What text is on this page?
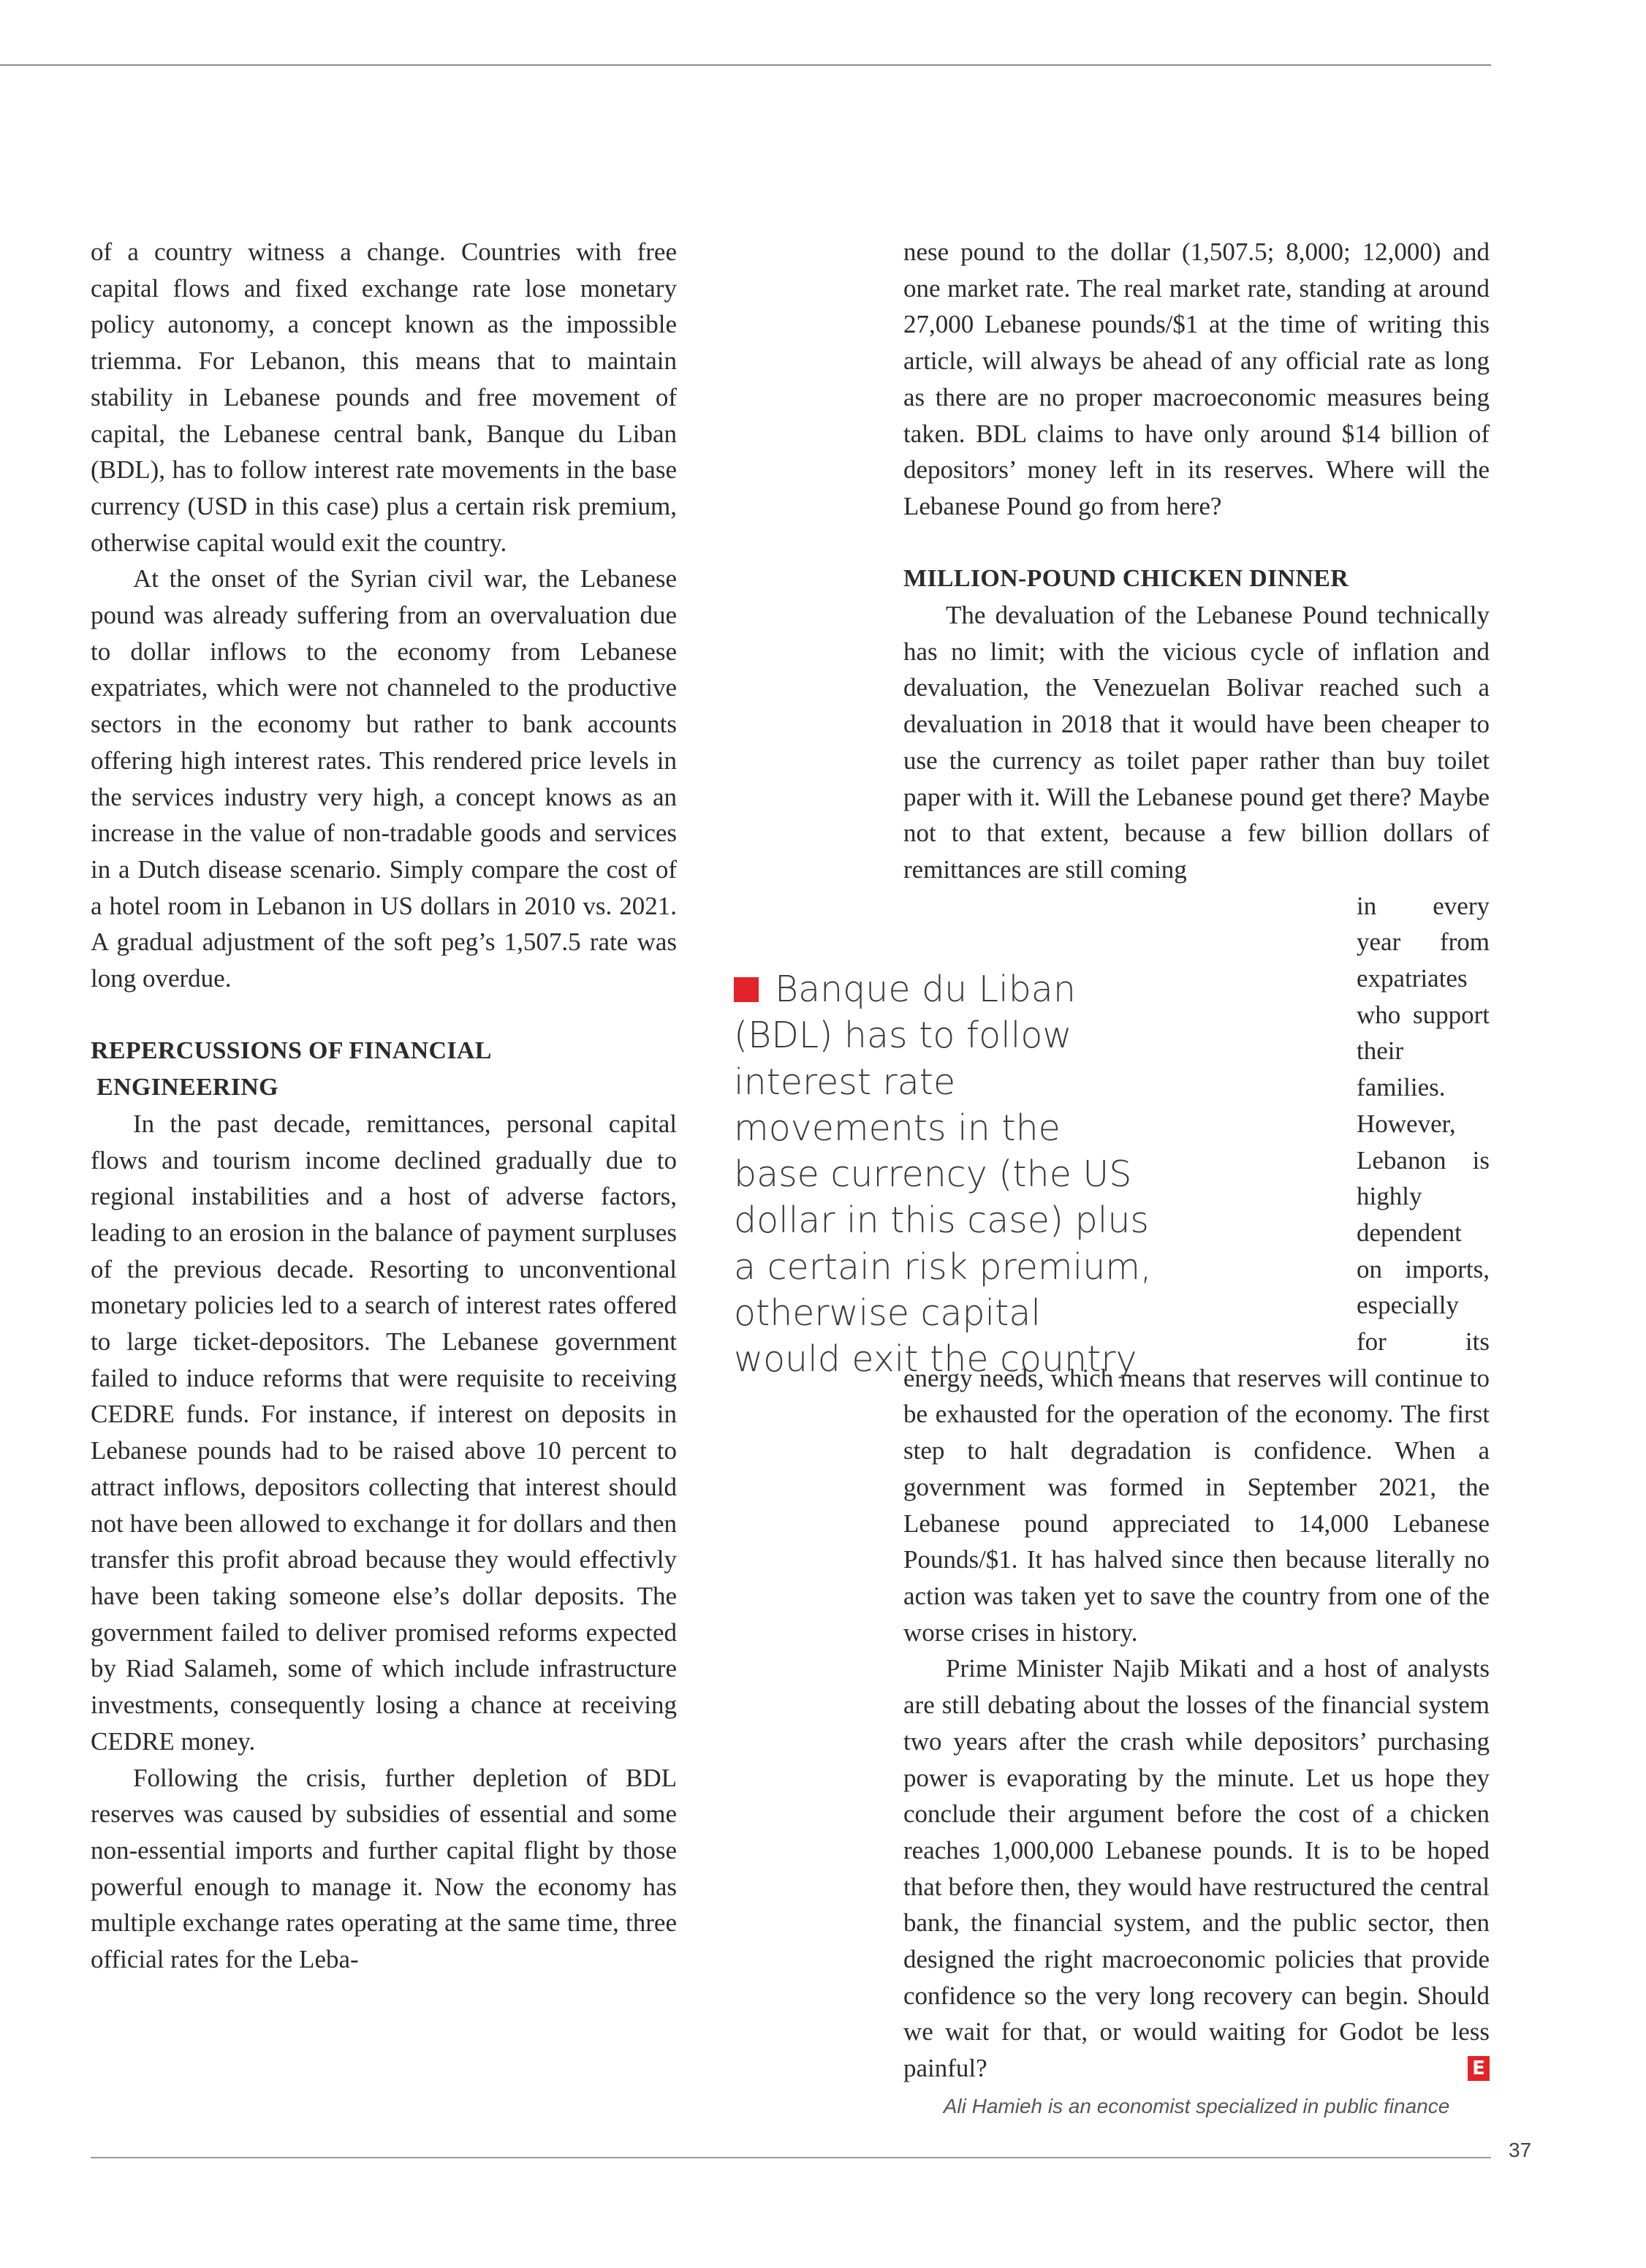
of a country witness a change. Countries with free capital flows and fixed exchange rate lose monetary policy autonomy, a concept known as the impossible triemma. For Lebanon, this means that to maintain stability in Lebanese pounds and free movement of capital, the Lebanese central bank, Banque du Liban (BDL), has to follow interest rate movements in the base currency (USD in this case) plus a certain risk premium, otherwise capital would exit the country.

At the onset of the Syrian civil war, the Lebanese pound was already suffering from an overvaluation due to dollar inflows to the economy from Lebanese expatriates, which were not channeled to the productive sectors in the economy but rather to bank accounts offering high interest rates. This rendered price levels in the services industry very high, a concept knows as an increase in the value of non-tradable goods and services in a Dutch disease scenario. Simply compare the cost of a hotel room in Lebanon in US dollars in 2010 vs. 2021. A gradual adjustment of the soft peg’s 1,507.5 rate was long overdue.

REPERCUSSIONS OF FINANCIAL
ENGINEERING

In the past decade, remittances, personal capital flows and tourism income declined gradually due to regional instabilities and a host of adverse factors, leading to an erosion in the balance of payment surpluses of the previous decade. Resorting to unconventional monetary policies led to a search of interest rates offered to large ticket-depositors. The Lebanese government failed to induce reforms that were requisite to receiving CEDRE funds. For instance, if interest on deposits in Lebanese pounds had to be raised above 10 percent to attract inflows, depositors collecting that interest should not have been allowed to exchange it for dollars and then transfer this profit abroad because they would effectivly have been taking someone else’s dollar deposits. The government failed to deliver promised reforms expected by Riad Salameh, some of which include infrastructure investments, consequently losing a chance at receiving CEDRE money.

Following the crisis, further depletion of BDL reserves was caused by subsidies of essential and some non-essential imports and further capital flight by those powerful enough to manage it. Now the economy has multiple exchange rates operating at the same time, three official rates for the Leba-

nese pound to the dollar (1,507.5; 8,000; 12,000) and one market rate. The real market rate, standing at around 27,000 Lebanese pounds/$1 at the time of writing this article, will always be ahead of any official rate as long as there are no proper macroeconomic measures being taken. BDL claims to have only around $14 billion of depositors’ money left in its reserves. Where will the Lebanese Pound go from here?

MILLION-POUND CHICKEN DINNER

The devaluation of the Lebanese Pound technically has no limit; with the vicious cycle of inflation and devaluation, the Venezuelan Bolivar reached such a devaluation in 2018 that it would have been cheaper to use the currency as toilet paper rather than buy toilet paper with it. Will the Lebanese pound get there? Maybe not to that extent, because a few billion dollars of remittances are still coming

in every year from expatriates who support their families. However, Lebanon is highly dependent on imports, especially for its energy needs, which means that reserves will continue to be exhausted for the operation of the economy. The first step to halt degradation is confidence. When a government was formed in September 2021, the Lebanese pound appreciated to 14,000 Lebanese Pounds/$1. It has halved since then because literally no action was taken yet to save the country from one of the worse crises in history.

Prime Minister Najib Mikati and a host of analysts are still debating about the losses of the financial system two years after the crash while depositors’ purchasing power is evaporating by the minute. Let us hope they conclude their argument before the cost of a chicken reaches 1,000,000 Lebanese pounds. It is to be hoped that before then, they would have restructured the central bank, the financial system, and the public sector, then designed the right macroeconomic policies that provide confidence so the very long recovery can begin. Should we wait for that, or would waiting for Godot be less painful?	E

Banque du Liban (BDL) has to follow interest rate movements in the base currency (the US dollar in this case) plus a certain risk premium, otherwise capital would exit the country
Ali Hamieh is an economist specialized in public finance
37
